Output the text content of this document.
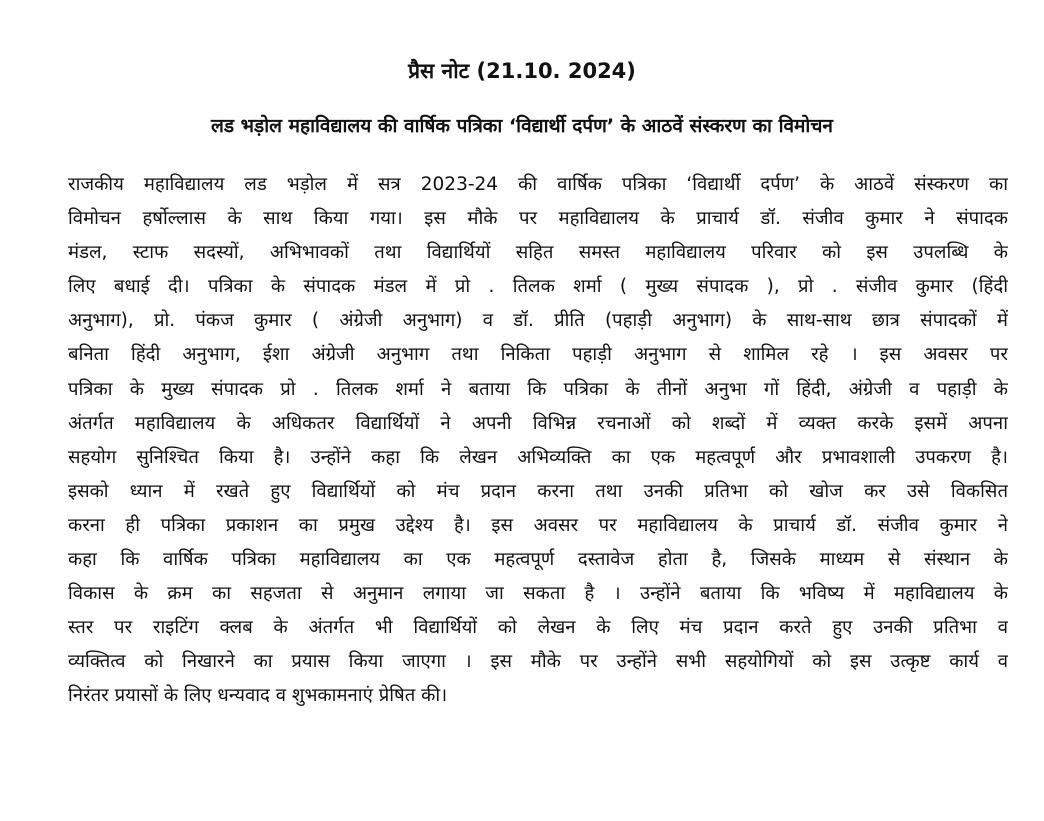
प्रैस नोट (21.10. 2024)
लड भड़ोल महाविद्यालय की वार्षिक पत्रिका ‘विद्यार्थी दर्पण’ के आठवें संस्करण का विमोचन
राजकीय महाविद्यालय लड भड़ोल में सत्र 2023-24 की वार्षिक पत्रिका ‘विद्यार्थी दर्पण’ के आठवें संस्करण का
विमोचन हर्षोल्लास के साथ किया गया। इस मौके पर महाविद्यालय के प्राचार्य डॉ. संजीव कुमार ने संपादक
मंडल, स्टाफ सदस्यों, अभिभावकों तथा विद्यार्थियों सहित समस्त महाविद्यालय परिवार को इस उपलब्धि के
लिए बधाई दी। पत्रिका के संपादक मंडल में प्रो . तिलक शर्मा ( मुख्य संपादक ), प्रो . संजीव कुमार (हिंदी
अनुभाग), प्रो. पंकज कुमार ( अंग्रेजी अनुभाग) व डॉ. प्रीति (पहाड़ी अनुभाग) के साथ-साथ छात्र संपादकों में
बनिता हिंदी अनुभाग, ईशा अंग्रेजी अनुभाग तथा निकिता पहाड़ी अनुभाग से शामिल रहे । इस अवसर पर
पत्रिका के मुख्य संपादक प्रो . तिलक शर्मा ने बताया कि पत्रिका के तीनों अनुभा गों हिंदी, अंग्रेजी व पहाड़ी के
अंतर्गत महाविद्यालय के अधिकतर विद्यार्थियों ने अपनी विभिन्न रचनाओं को शब्दों में व्यक्त करके इसमें अपना
सहयोग सुनिश्चित किया है। उन्होंने कहा कि लेखन अभिव्यक्ति का एक महत्वपूर्ण और प्रभावशाली उपकरण है।
इसको ध्यान में रखते हुए विद्यार्थियों को मंच प्रदान करना तथा उनकी प्रतिभा को खोज कर उसे विकसित
करना ही पत्रिका प्रकाशन का प्रमुख उद्देश्य है। इस अवसर पर महाविद्यालय के प्राचार्य डॉ. संजीव कुमार ने
कहा कि वार्षिक पत्रिका महाविद्यालय का एक महत्वपूर्ण दस्तावेज होता है, जिसके माध्यम से संस्थान के
विकास के क्रम का सहजता से अनुमान लगाया जा सकता है । उन्होंने बताया कि भविष्य में महाविद्यालय के
स्तर पर राइटिंग क्लब के अंतर्गत भी विद्यार्थियों को लेखन के लिए मंच प्रदान करते हुए उनकी प्रतिभा व
व्यक्तित्व को निखारने का प्रयास किया जाएगा । इस मौके पर उन्होंने सभी सहयोगियों को इस उत्कृष्ट कार्य व
निरंतर प्रयासों के लिए धन्यवाद व शुभकामनाएं प्रेषित की।
